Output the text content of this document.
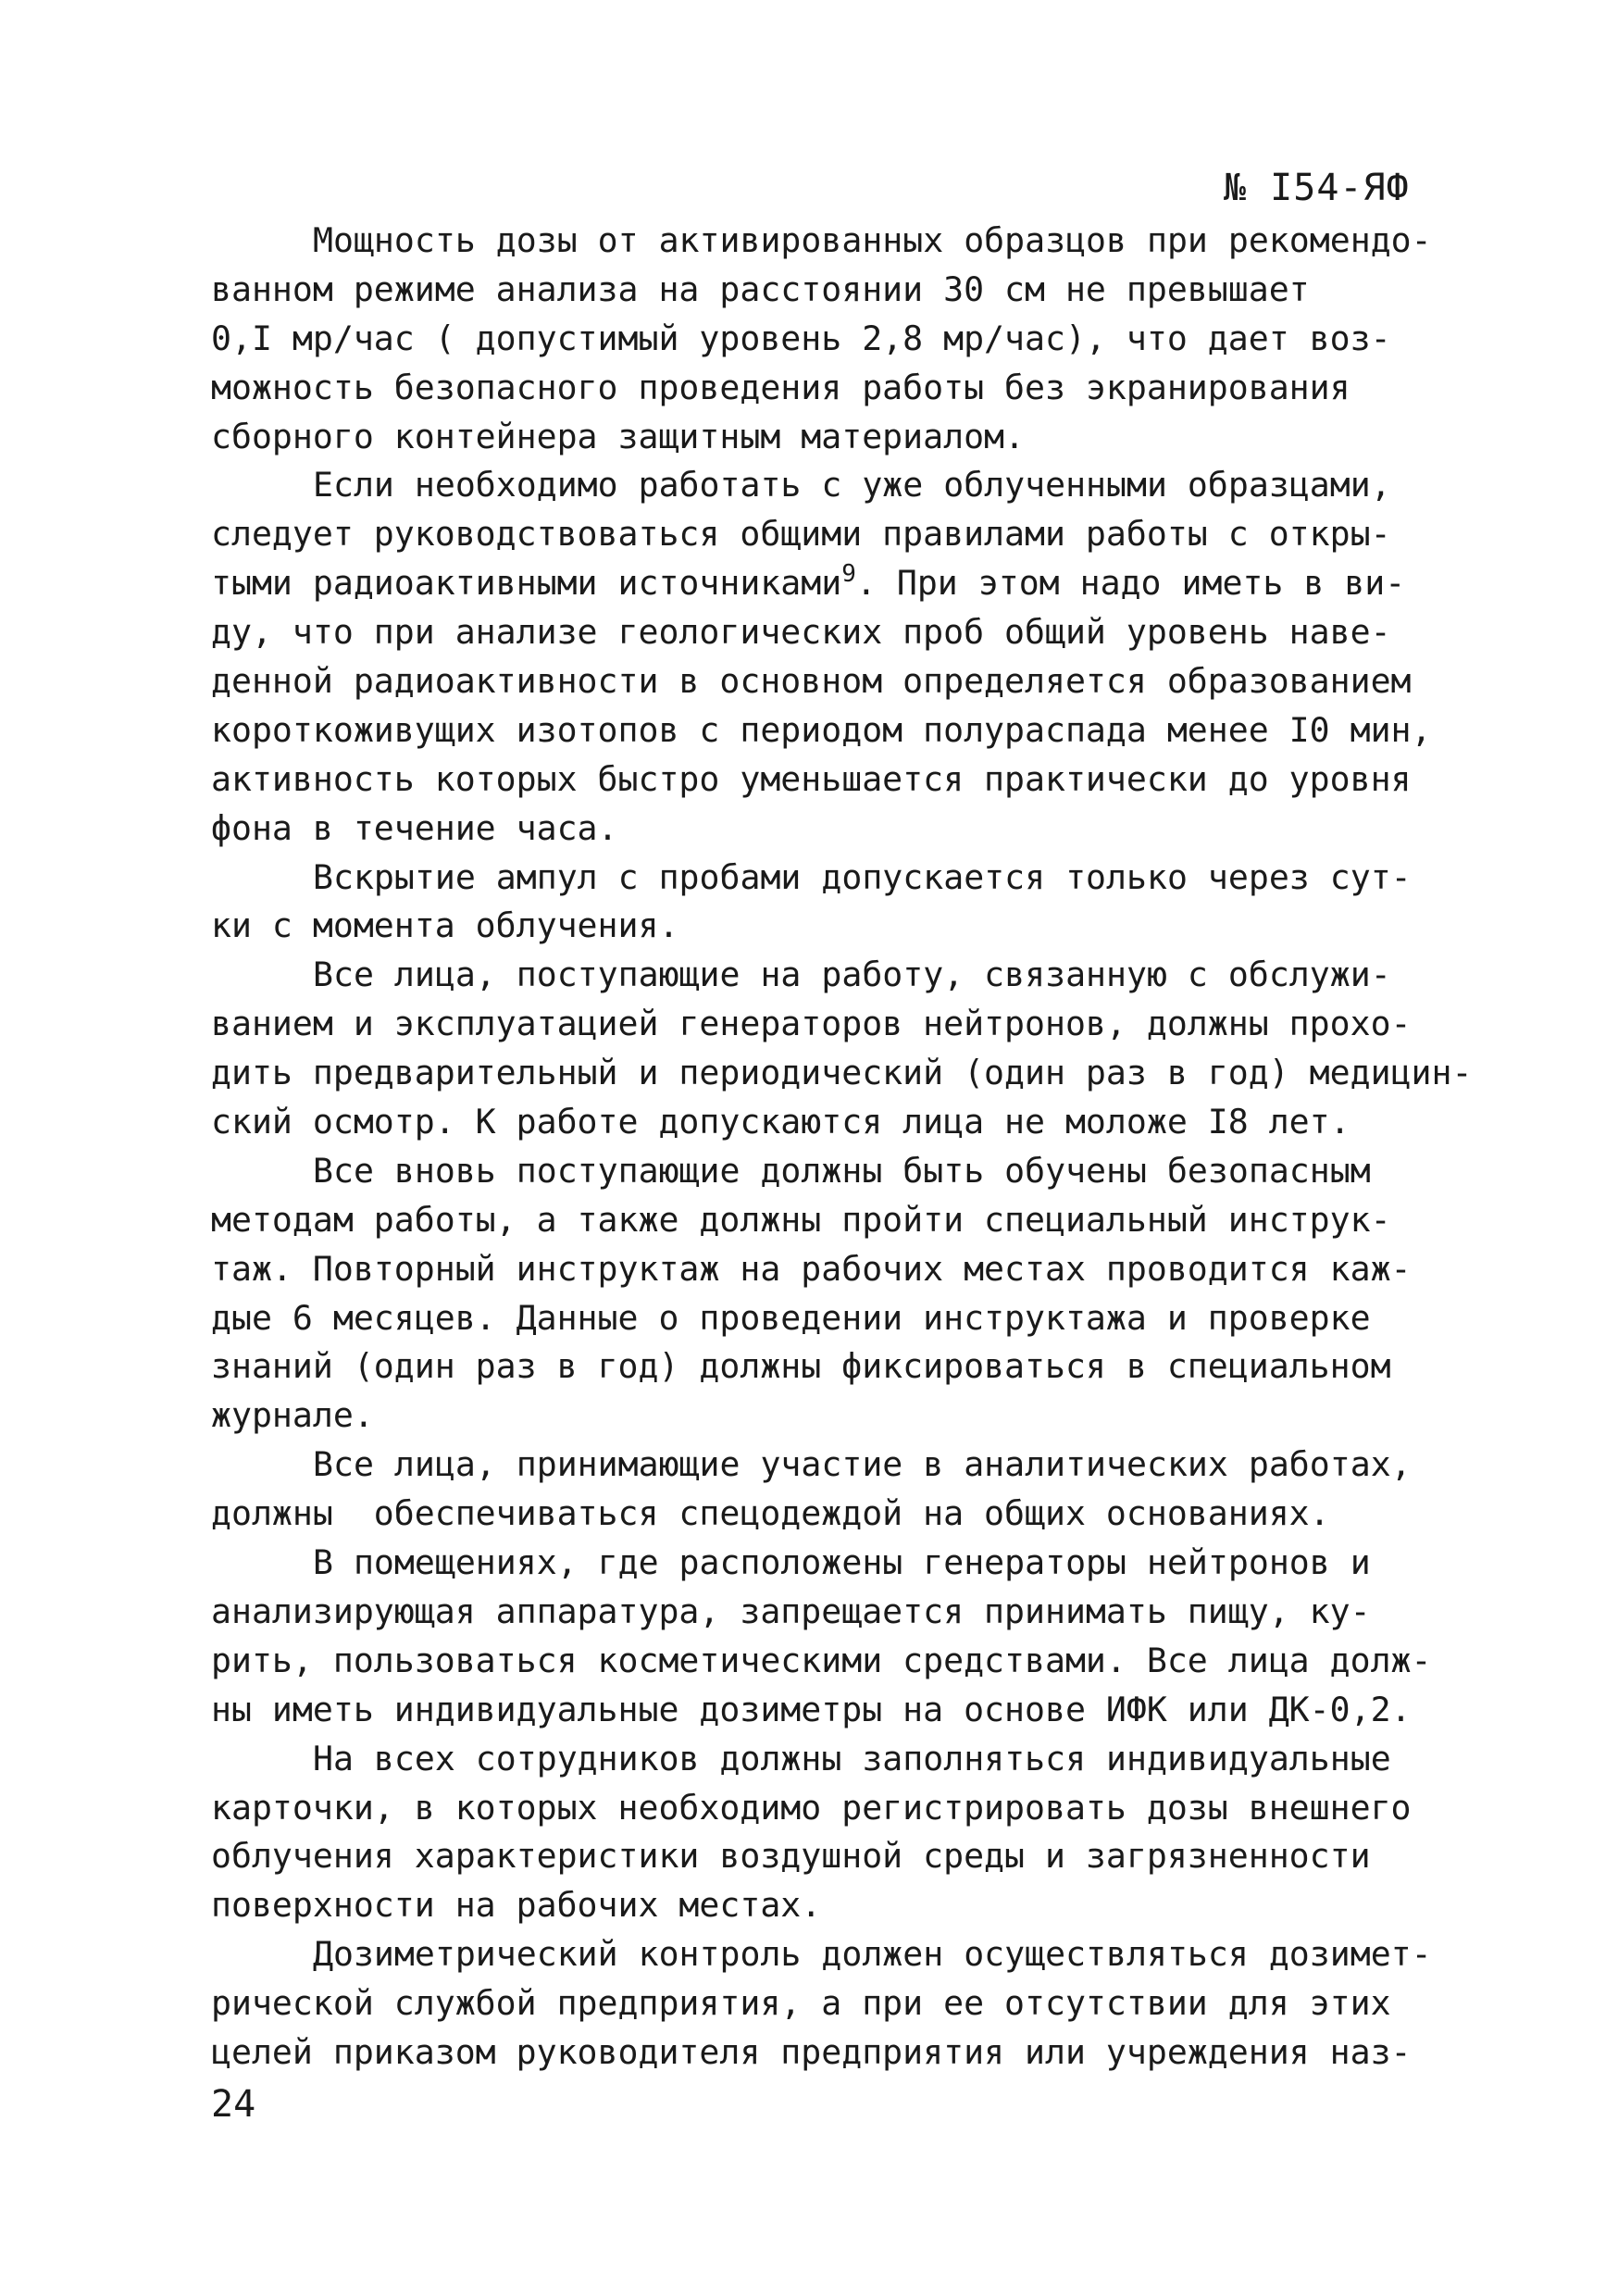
№ I54-ЯФ
Мощность дозы от активированных образцов при рекомендо-
ванном режиме анализа на расстоянии 30 см не превышает
0,I мр/час ( допустимый уровень 2,8 мр/час), что дает воз-
можность безопасного проведения работы без экранирования
сборного контейнера защитным материалом.
Если необходимо работать с уже облученными образцами,
следует руководствоваться общими правилами работы с откры-
тыми радиоактивными источниками$^9$. При этом надо иметь в ви-
ду, что при анализе геологических проб общий уровень наве-
денной радиоактивности в основном определяется образованием
короткоживущих изотопов с периодом полураспада менее I0 мин,
активность которых быстро уменьшается практически до уровня
фона в течение часа.
Вскрытие ампул с пробами допускается только через сут-
ки с момента облучения.
Все лица, поступающие на работу, связанную с обслужи-
ванием и эксплуатацией генераторов нейтронов, должны прохо-
дить предварительный и периодический (один раз в год) медицин-
ский осмотр. К работе допускаются лица не моложе I8 лет.
Все вновь поступающие должны быть обучены безопасным
методам работы, а также должны пройти специальный инструк-
таж. Повторный инструктаж на рабочих местах проводится каж-
дые 6 месяцев. Данные о проведении инструктажа и проверке
знаний (один раз в год) должны фиксироваться в специальном
журнале.
Все лица, принимающие участие в аналитических работах,
должны  обеспечиваться спецодеждой на общих основаниях.
В помещениях, где расположены генераторы нейтронов и
анализирующая аппаратура, запрещается принимать пищу, ку-
рить, пользоваться косметическими средствами. Все лица долж-
ны иметь индивидуальные дозиметры на основе ИФК или ДК-0,2.
На всех сотрудников должны заполняться индивидуальные
карточки, в которых необходимо регистрировать дозы внешнего
облучения характеристики воздушной среды и загрязненности
поверхности на рабочих местах.
Дозиметрический контроль должен осуществляться дозимет-
рической службой предприятия, а при ее отсутствии для этих
целей приказом руководителя предприятия или учреждения наз-
24
